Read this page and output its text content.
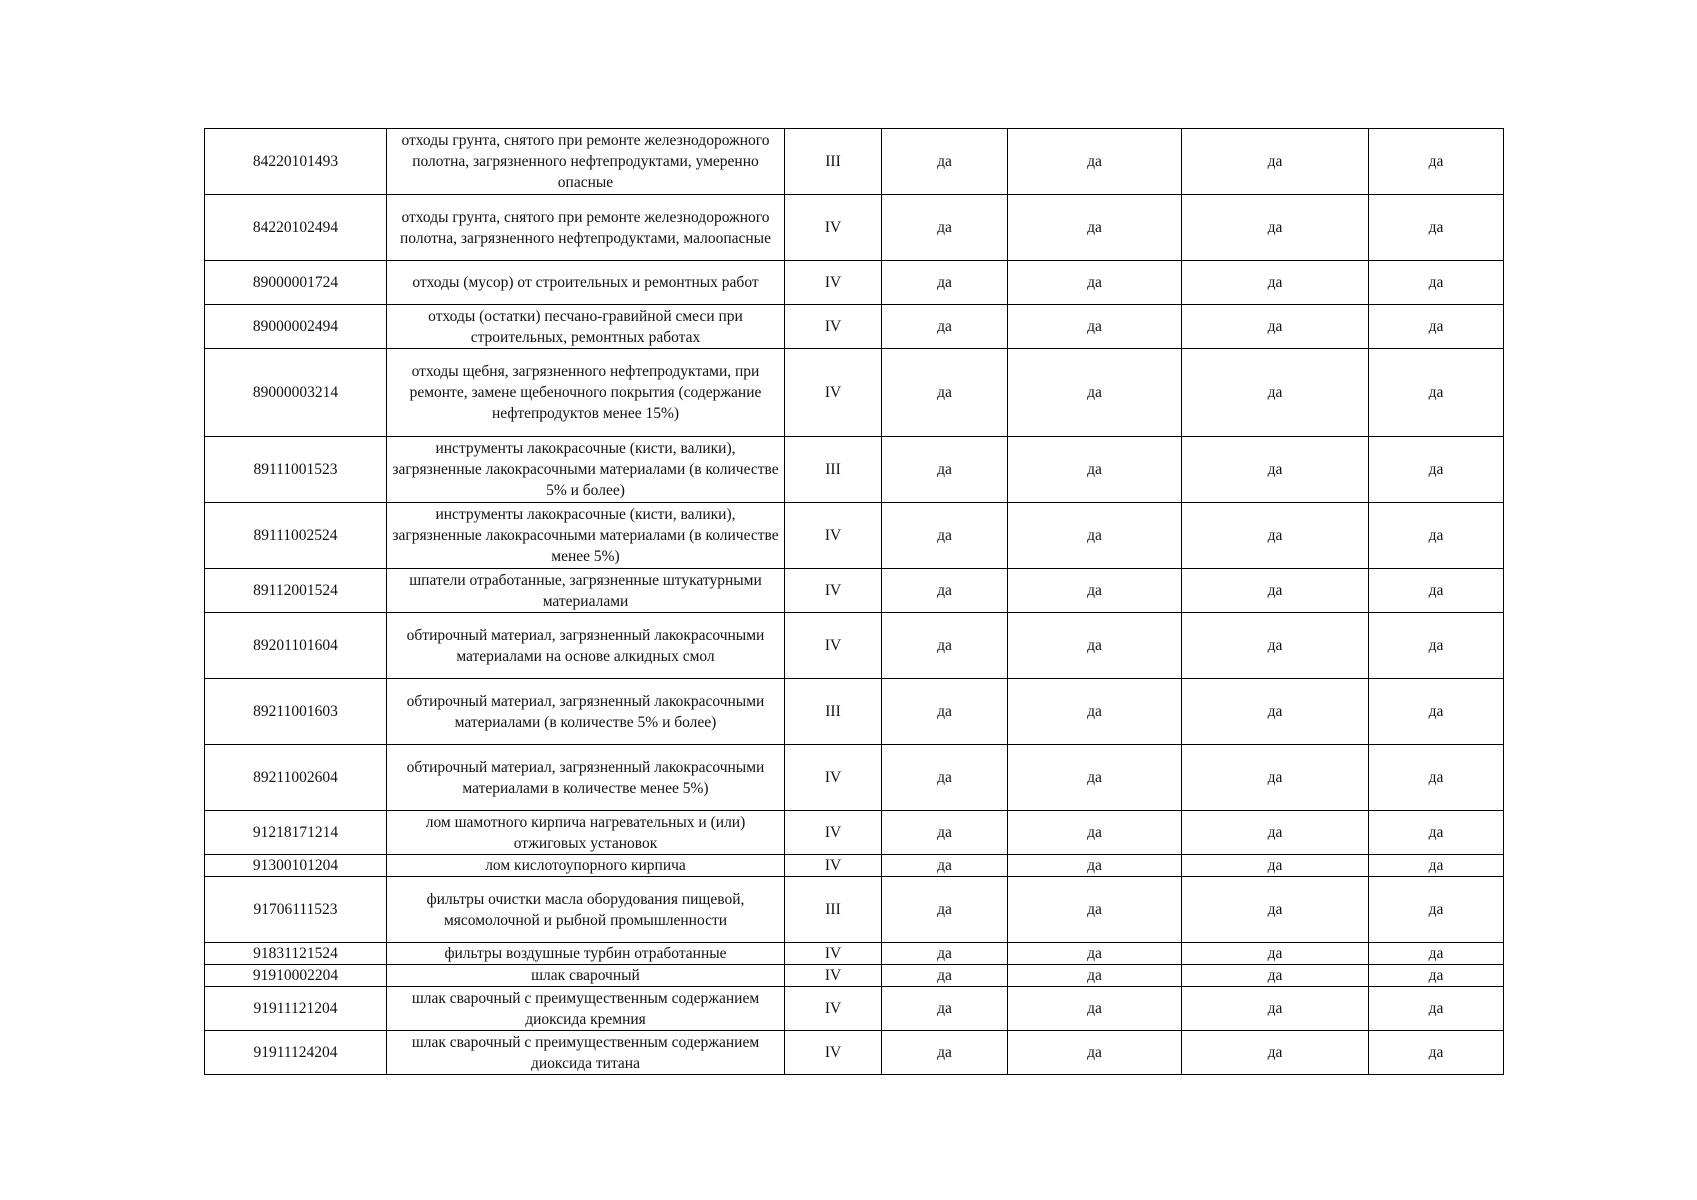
84220101493	отходы грунта, снятого при ремонте железнодорожного полотна, загрязненного нефтепродуктами, умеренно опасные	III	да	да	да	да
84220102494	отходы грунта, снятого при ремонте железнодорожного полотна, загрязненного нефтепродуктами, малоопасные	IV	да	да	да	да
89000001724	отходы (мусор) от строительных и ремонтных работ	IV	да	да	да	да
89000002494	отходы (остатки) песчано-гравийной смеси при строительных, ремонтных работах	IV	да	да	да	да
89000003214	отходы щебня, загрязненного нефтепродуктами, при ремонте, замене щебеночного покрытия (содержание нефтепродуктов менее 15%)	IV	да	да	да	да
89111001523	инструменты лакокрасочные (кисти, валики), загрязненные лакокрасочными материалами (в количестве 5% и более)	III	да	да	да	да
89111002524	инструменты лакокрасочные (кисти, валики), загрязненные лакокрасочными материалами (в количестве менее 5%)	IV	да	да	да	да
89112001524	шпатели отработанные, загрязненные штукатурными материалами	IV	да	да	да	да
89201101604	обтирочный материал, загрязненный лакокрасочными материалами на основе алкидных смол	IV	да	да	да	да
89211001603	обтирочный материал, загрязненный лакокрасочными материалами (в количестве 5% и более)	III	да	да	да	да
89211002604	обтирочный материал, загрязненный лакокрасочными материалами в количестве менее 5%)	IV	да	да	да	да
91218171214	лом шамотного кирпича нагревательных и (или) отжиговых установок	IV	да	да	да	да
91300101204	лом кислотоупорного кирпича	IV	да	да	да	да
91706111523	фильтры очистки масла оборудования пищевой, мясомолочной и рыбной промышленности	III	да	да	да	да
91831121524	фильтры воздушные турбин отработанные	IV	да	да	да	да
91910002204	шлак сварочный	IV	да	да	да	да
91911121204	шлак сварочный с преимущественным содержанием диоксида кремния	IV	да	да	да	да
91911124204	шлак сварочный с преимущественным содержанием диоксида титана	IV	да	да	да	да
